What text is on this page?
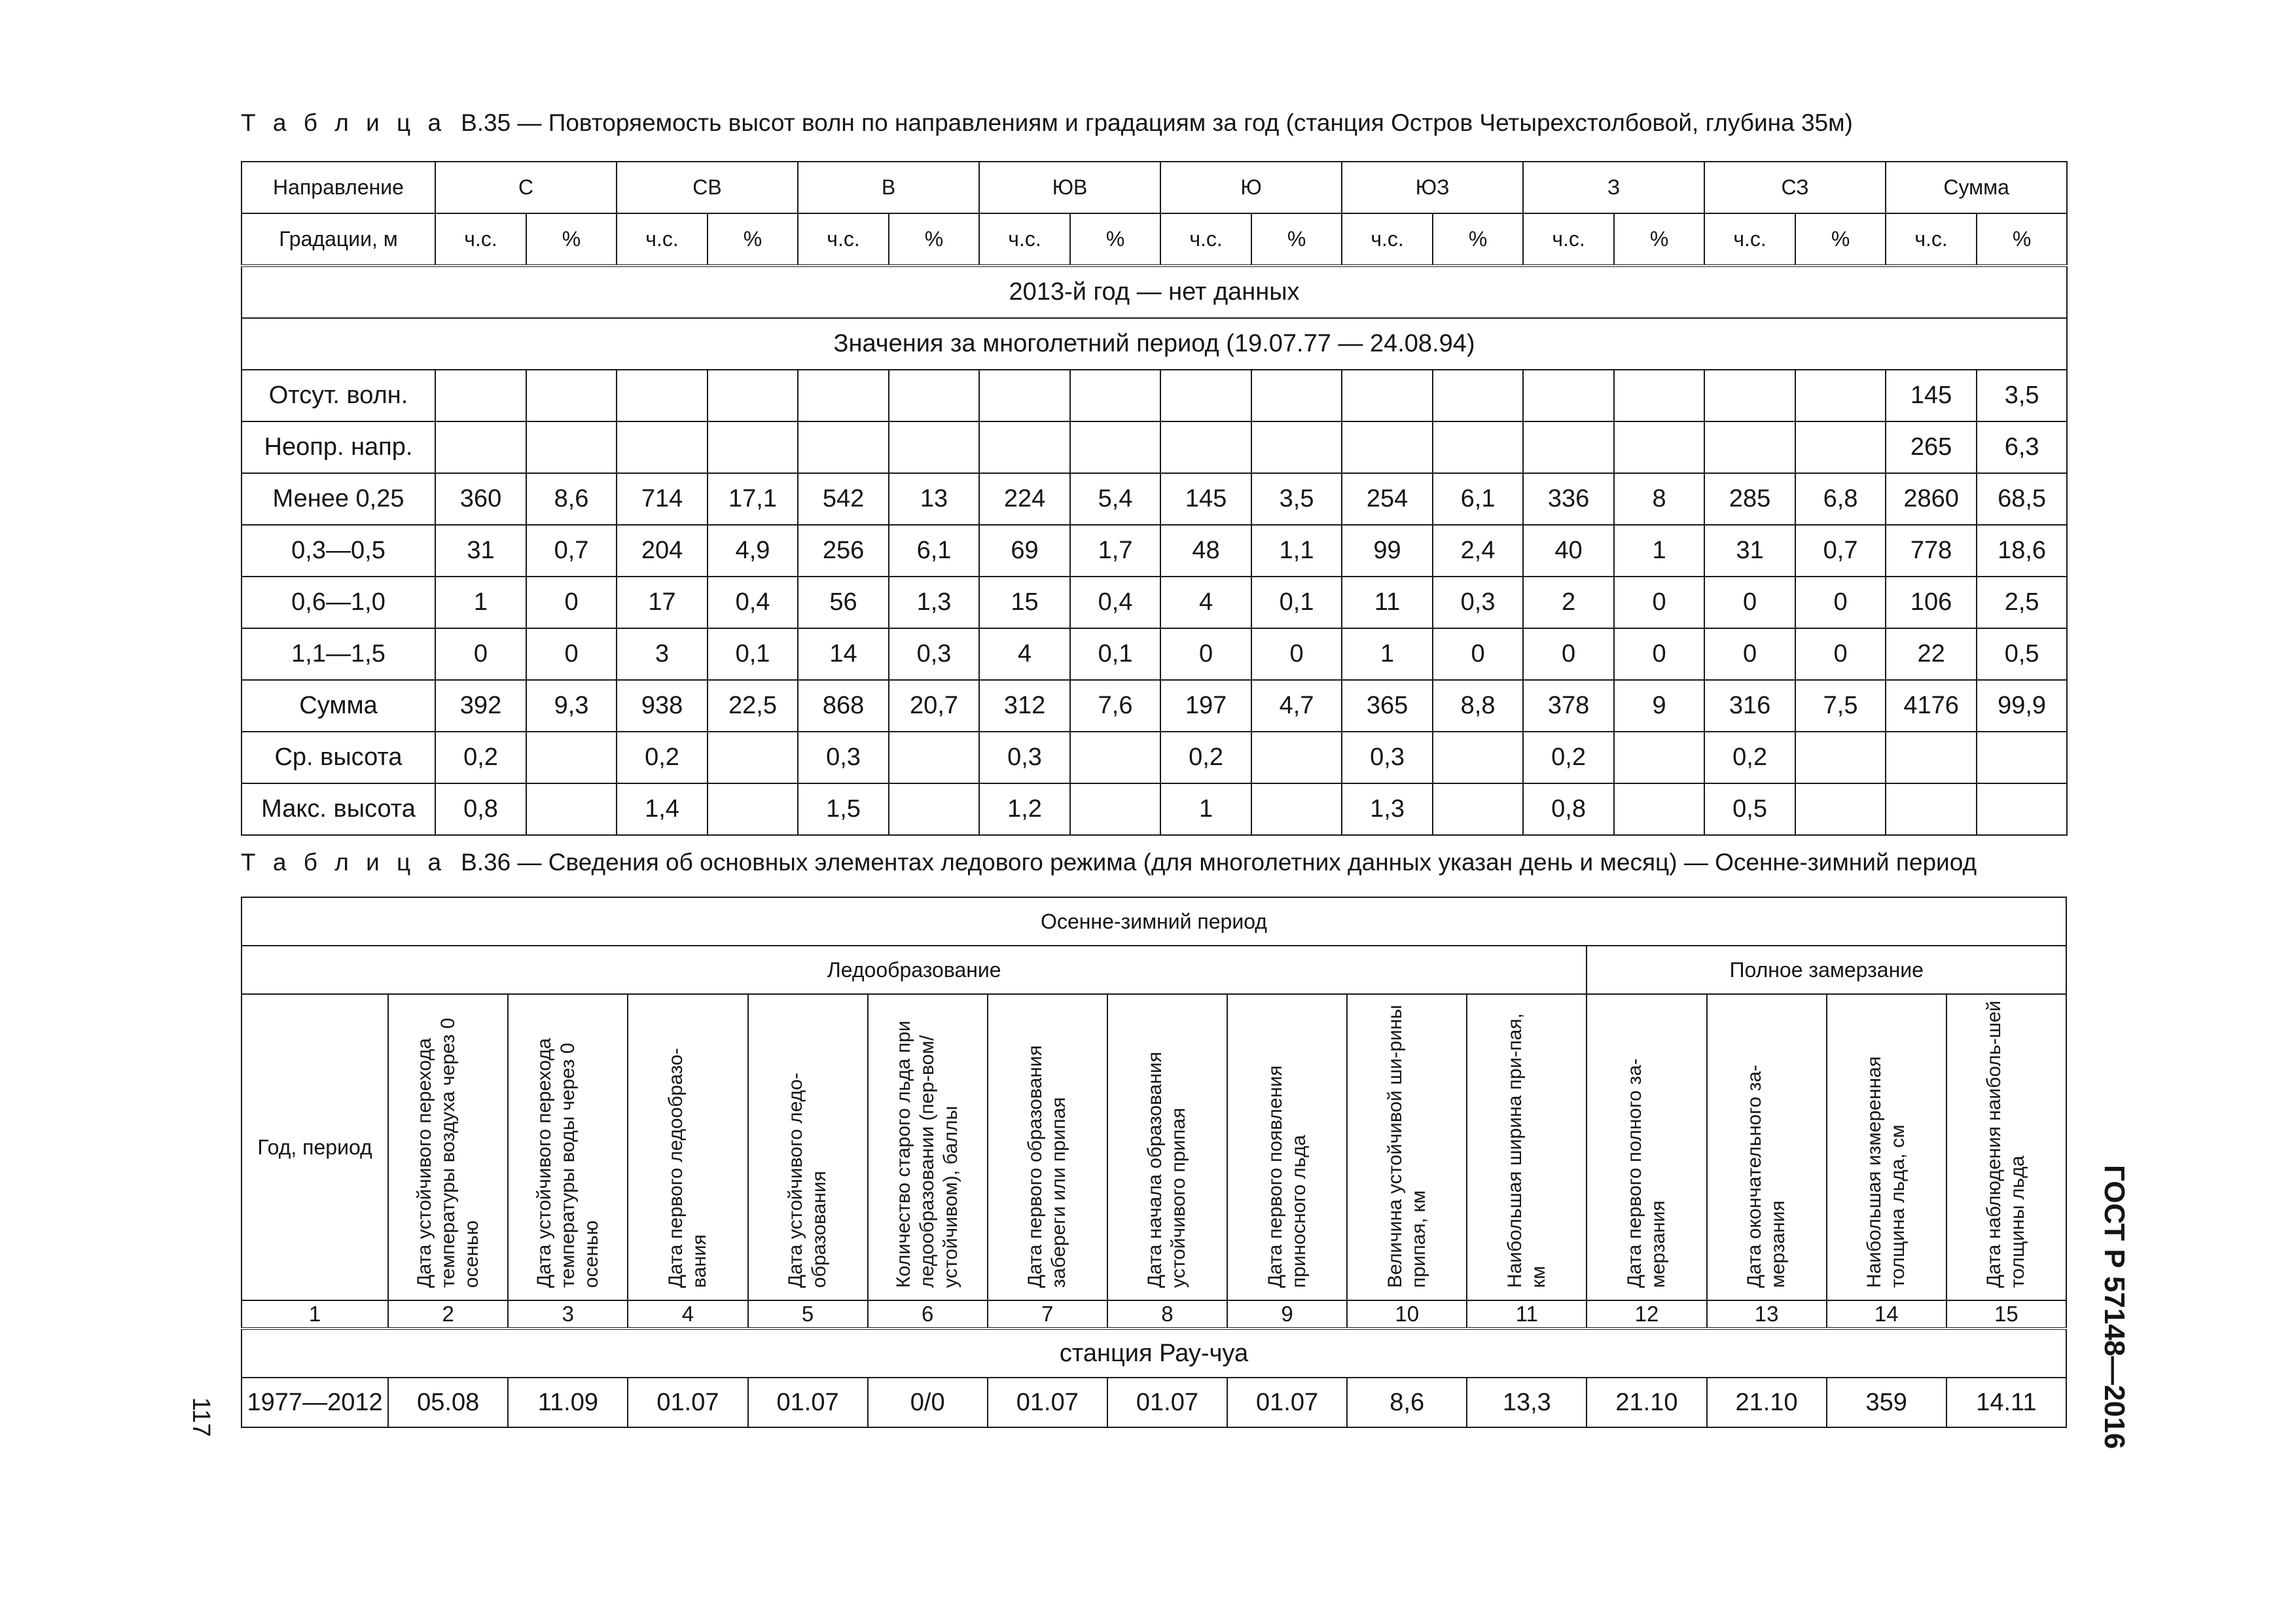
Т а б л и ц а В.35 — Повторяемость высот волн по направлениям и градациям за год (станция Остров Четырехстолбовой, глубина 35м)
Направление	С		СВ		В		ЮВ		Ю		ЮЗ		З		СЗ		Сумма	
Градации, м	ч.с.	%	ч.с.	%	ч.с.	%	ч.с.	%	ч.с.	%	ч.с.	%	ч.с.	%	ч.с.	%	ч.с.	%
2013-й год — нет данных																		
Значения за многолетний период (19.07.77 — 24.08.94)																		
Отсут. волн.																	145	3,5
Неопр. напр.																	265	6,3
Менее 0,25	360	8,6	714	17,1	542	13	224	5,4	145	3,5	254	6,1	336	8	285	6,8	2860	68,5
0,3—0,5	31	0,7	204	4,9	256	6,1	69	1,7	48	1,1	99	2,4	40	1	31	0,7	778	18,6
0,6—1,0	1	0	17	0,4	56	1,3	15	0,4	4	0,1	11	0,3	2	0	0	0	106	2,5
1,1—1,5	0	0	3	0,1	14	0,3	4	0,1	0	0	1	0	0	0	0	0	22	0,5
Сумма	392	9,3	938	22,5	868	20,7	312	7,6	197	4,7	365	8,8	378	9	316	7,5	4176	99,9
Ср. высота	0,2		0,2		0,3		0,3		0,2		0,3		0,2		0,2			
Макс. высота	0,8		1,4		1,5		1,2		1		1,3		0,8		0,5			
Т а б л и ц а В.36 — Сведения об основных элементах ледового режима (для многолетних данных указан день и месяц) — Осенне-зимний период
Осенне-зимний период														
Ледообразование											Полное замерзание			
Год, период	Дата устойчивого перехода температуры воздуха через 0 осенью	Дата устойчивого перехода температуры воды через 0 осенью	Дата первого ледообразо-вания	Дата устойчивого ледо-образования	Количество старого льда при ледообразовании (пер-вом/ устойчивом), баллы	Дата первого образования забереги или припая	Дата начала образования устойчивого припая	Дата первого появления приносного льда	Величина устойчивой ши-рины припая, км	Наибольшая ширина при-пая, км	Дата первого полного за-мерзания	Дата окончательного за-мерзания	Наибольшая измеренная толщина льда, см	Дата наблюдения наиболь-шей толщины льда
1	2	3	4	5	6	7	8	9	10	11	12	13	14	15
станция Рау-чуа														
1977—2012	05.08	11.09	01.07	01.07	0/0	01.07	01.07	01.07	8,6	13,3	21.10	21.10	359	14.11 ГОСТ Р 57148—2016
117
